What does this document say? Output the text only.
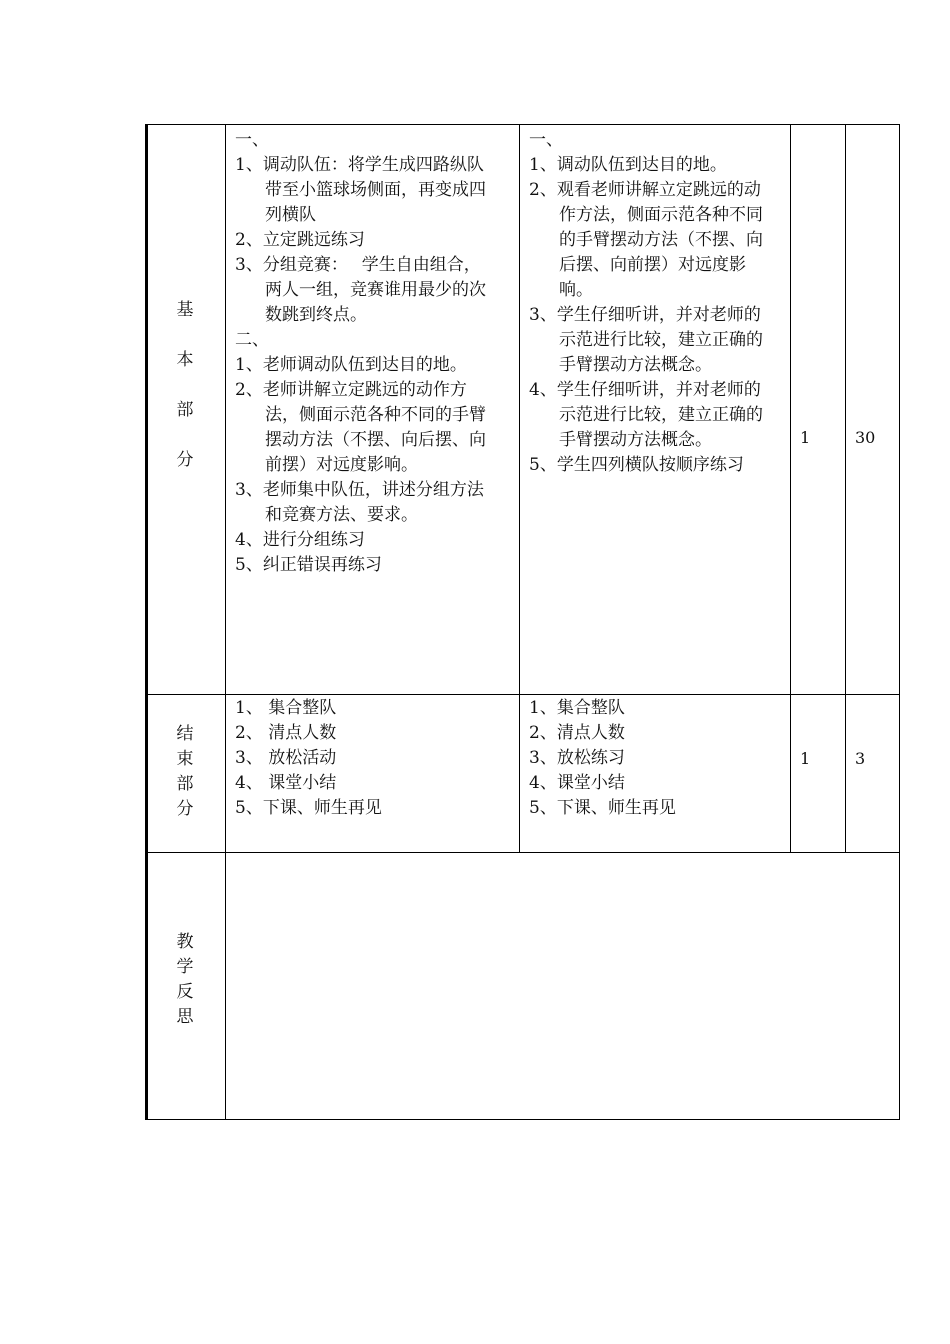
基
本
部
分

一、

1、调动队伍：将学生成四路纵队带至小篮球场侧面，再变成四列横队

2、立定跳远练习

3、分组竞赛：　 学生自由组合，两人一组，竞赛谁用最少的次数跳到终点。

二、

1、老师调动队伍到达目的地。

2、老师讲解立定跳远的动作方法，侧面示范各种不同的手臂摆动方法（不摆、向后摆、向前摆）对远度影响。

3、老师集中队伍，讲述分组方法和竞赛方法、要求。

4、进行分组练习

5、纠正错误再练习

一、

1、调动队伍到达目的地。

2、观看老师讲解立定跳远的动作方法，侧面示范各种不同的手臂摆动方法（不摆、向后摆、向前摆）对远度影响。

3、学生仔细听讲，并对老师的示范进行比较，建立正确的手臂摆动方法概念。

4、学生仔细听讲，并对老师的示范进行比较，建立正确的手臂摆动方法概念。

5、学生四列横队按顺序练习

1	30
结
束
部
分

1、 集合整队

2、 清点人数

3、 放松活动

4、 课堂小结

5、下课、师生再见

1、集合整队

2、清点人数

3、放松练习

4、课堂小结

5、下课、师生再见

1	3
教
学
反
思
